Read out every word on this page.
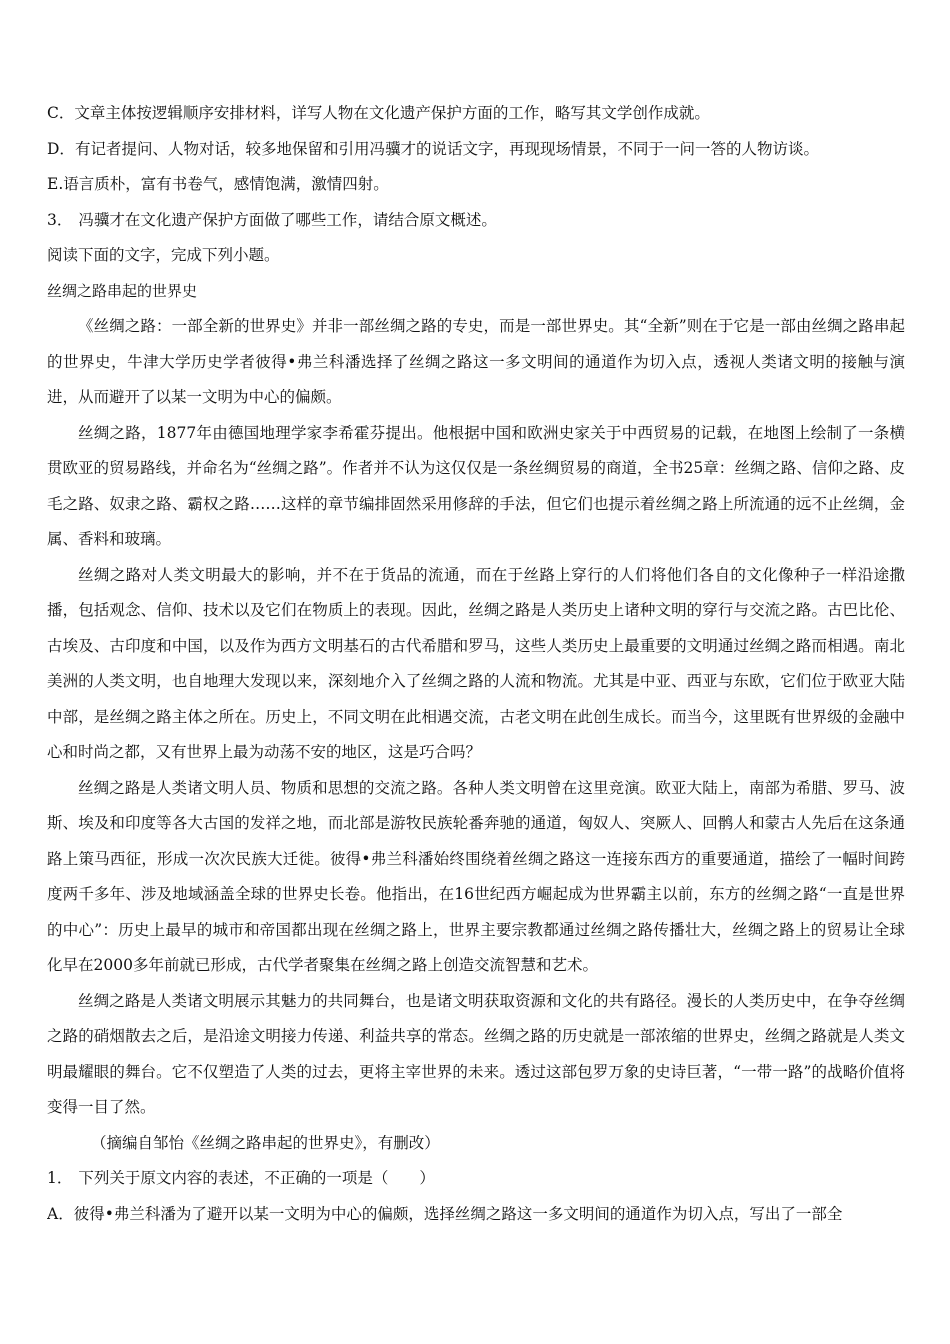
C．文章主体按逻辑顺序安排材料，详写人物在文化遗产保护方面的工作，略写其文学创作成就。
D．有记者提问、人物对话，较多地保留和引用冯骥才的说话文字，再现现场情景，不同于一问一答的人物访谈。
E.语言质朴，富有书卷气，感情饱满，激情四射。
3． 冯骥才在文化遗产保护方面做了哪些工作，请结合原文概述。
阅读下面的文字，完成下列小题。
丝绸之路串起的世界史

《丝绸之路：一部全新的世界史》并非一部丝绸之路的专史，而是一部世界史。其“全新”则在于它是一部由丝绸之路串起的世界史，牛津大学历史学者彼得•弗兰科潘选择了丝绸之路这一多文明间的通道作为切入点，透视人类诸文明的接触与演进，从而避开了以某一文明为中心的偏颇。

丝绸之路，1877年由德国地理学家李希霍芬提出。他根据中国和欧洲史家关于中西贸易的记载，在地图上绘制了一条横贯欧亚的贸易路线，并命名为“丝绸之路”。作者并不认为这仅仅是一条丝绸贸易的商道，全书25章：丝绸之路、信仰之路、皮毛之路、奴隶之路、霸权之路……这样的章节编排固然采用修辞的手法，但它们也提示着丝绸之路上所流通的远不止丝绸，金属、香料和玻璃。

丝绸之路对人类文明最大的影响，并不在于货品的流通，而在于丝路上穿行的人们将他们各自的文化像种子一样沿途撒播，包括观念、信仰、技术以及它们在物质上的表现。因此，丝绸之路是人类历史上诸种文明的穿行与交流之路。古巴比伦、古埃及、古印度和中国，以及作为西方文明基石的古代希腊和罗马，这些人类历史上最重要的文明通过丝绸之路而相遇。南北美洲的人类文明，也自地理大发现以来，深刻地介入了丝绸之路的人流和物流。尤其是中亚、西亚与东欧，它们位于欧亚大陆中部，是丝绸之路主体之所在。历史上，不同文明在此相遇交流，古老文明在此创生成长。而当今，这里既有世界级的金融中心和时尚之都，又有世界上最为动荡不安的地区，这是巧合吗？

丝绸之路是人类诸文明人员、物质和思想的交流之路。各种人类文明曾在这里竞演。欧亚大陆上，南部为希腊、罗马、波斯、埃及和印度等各大古国的发祥之地，而北部是游牧民族轮番奔驰的通道，匈奴人、突厥人、回鹘人和蒙古人先后在这条通路上策马西征，形成一次次民族大迁徙。彼得•弗兰科潘始终围绕着丝绸之路这一连接东西方的重要通道，描绘了一幅时间跨度两千多年、涉及地域涵盖全球的世界史长卷。他指出，在16世纪西方崛起成为世界霸主以前，东方的丝绸之路“一直是世界的中心”：历史上最早的城市和帝国都出现在丝绸之路上，世界主要宗教都通过丝绸之路传播壮大，丝绸之路上的贸易让全球化早在2000多年前就已形成，古代学者聚集在丝绸之路上创造交流智慧和艺术。

丝绸之路是人类诸文明展示其魅力的共同舞台，也是诸文明获取资源和文化的共有路径。漫长的人类历史中，在争夺丝绸之路的硝烟散去之后，是沿途文明接力传递、利益共享的常态。丝绸之路的历史就是一部浓缩的世界史，丝绸之路就是人类文明最耀眼的舞台。它不仅塑造了人类的过去，更将主宰世界的未来。透过这部包罗万象的史诗巨著，“一带一路”的战略价值将变得一目了然。

（摘编自邹怡《丝绸之路串起的世界史》，有删改）
1． 下列关于原文内容的表述，不正确的一项是（　　）
A．彼得•弗兰科潘为了避开以某一文明为中心的偏颇，选择丝绸之路这一多文明间的通道作为切入点，写出了一部全
